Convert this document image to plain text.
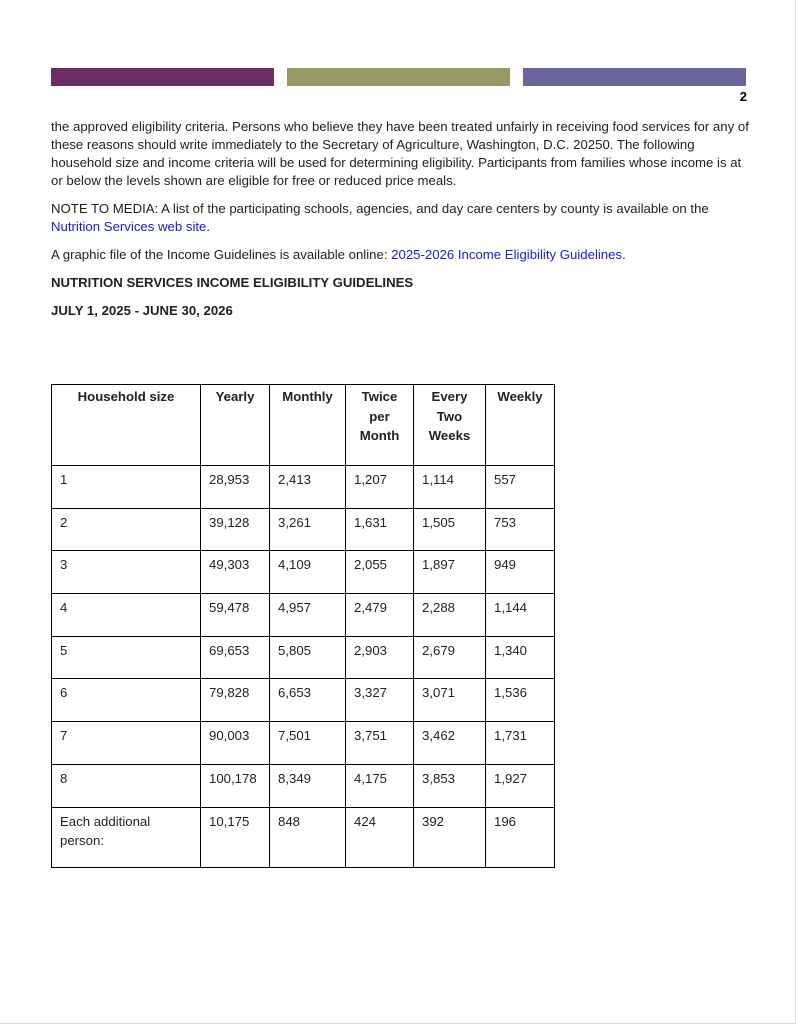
2

the approved eligibility criteria. Persons who believe they have been treated unfairly in receiving food services for any of these reasons should write immediately to the Secretary of Agriculture, Washington, D.C. 20250. The following household size and income criteria will be used for determining eligibility. Participants from families whose income is at or below the levels shown are eligible for free or reduced price meals.

NOTE TO MEDIA: A list of the participating schools, agencies, and day care centers by county is available on the Nutrition Services web site.

A graphic file of the Income Guidelines is available online: 2025-2026 Income Eligibility Guidelines.

NUTRITION SERVICES INCOME ELIGIBILITY GUIDELINES

JULY 1, 2025 - JUNE 30, 2026

Household size	Yearly	Monthly	Twice per Month	Every Two Weeks	Weekly
1	28,953	2,413	1,207	1,114	557
2	39,128	3,261	1,631	1,505	753
3	49,303	4,109	2,055	1,897	949
4	59,478	4,957	2,479	2,288	1,144
5	69,653	5,805	2,903	2,679	1,340
6	79,828	6,653	3,327	3,071	1,536
7	90,003	7,501	3,751	3,462	1,731
8	100,178	8,349	4,175	3,853	1,927
Each additional person:	10,175	848	424	392	196
